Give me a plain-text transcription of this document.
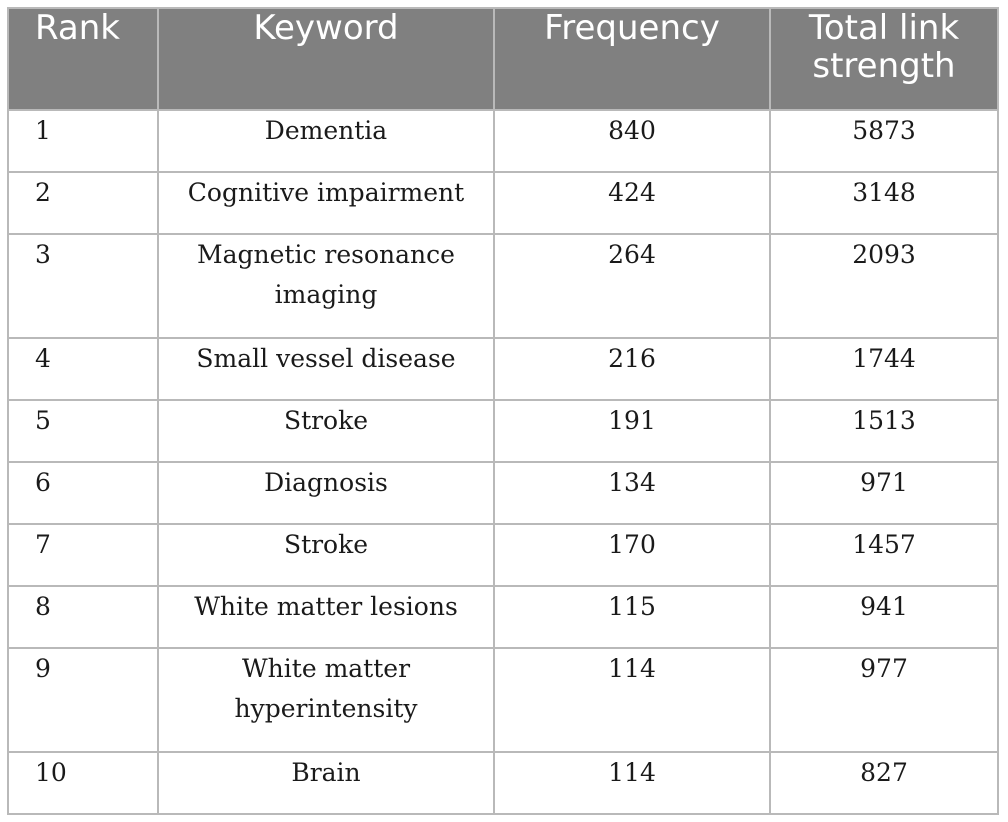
Rank	Keyword	Frequency	Total link
strength
1	Dementia	840	5873
2	Cognitive impairment	424	3148
3	Magnetic resonance
imaging	264	2093
4	Small vessel disease	216	1744
5	Stroke	191	1513
6	Diagnosis	134	971
7	Stroke	170	1457
8	White matter lesions	115	941
9	White matter
hyperintensity	114	977
10	Brain	114	827
